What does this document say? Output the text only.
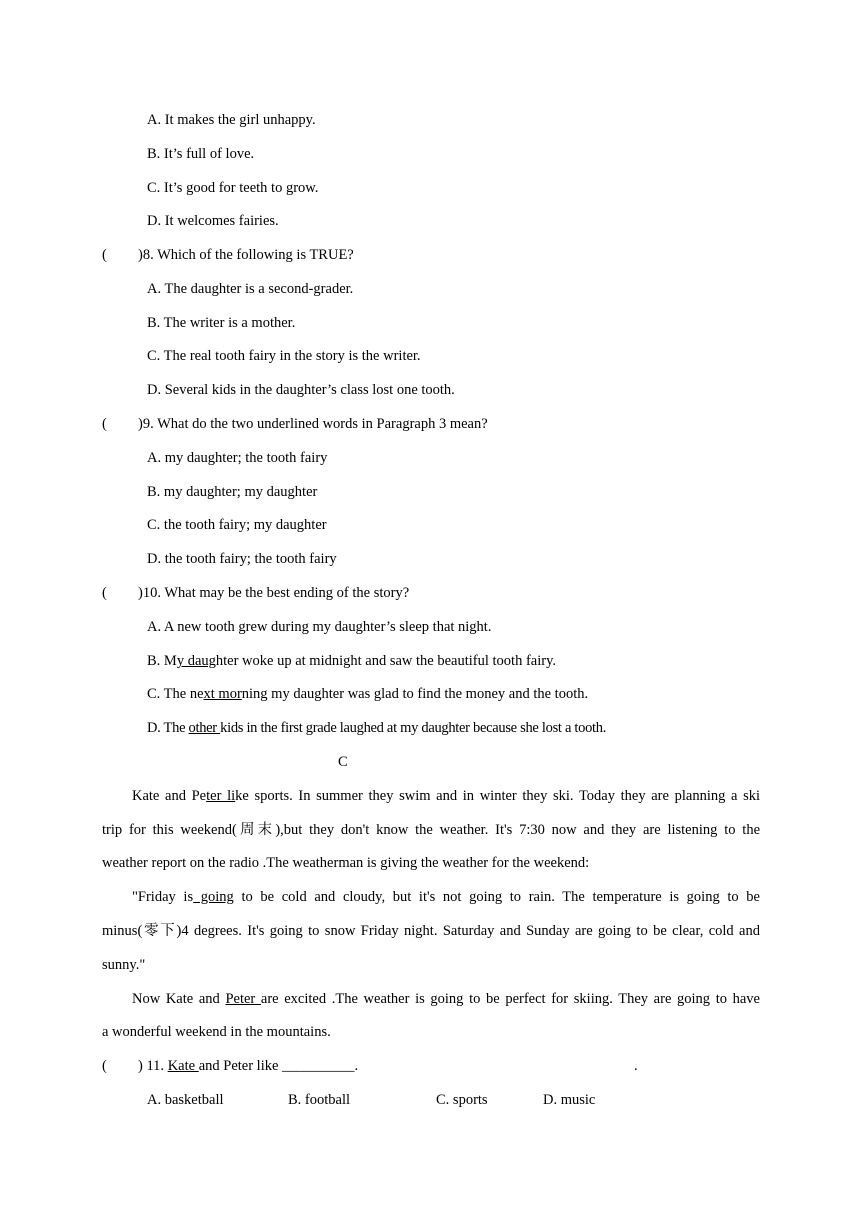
A. It makes the girl unhappy.
B. It’s full of love.
C. It’s good for teeth to grow.
D. It welcomes fairies.
( )8. Which of the following is TRUE?
A. The daughter is a second-grader.
B. The writer is a mother.
C. The real tooth fairy in the story is the writer.
D. Several kids in the daughter’s class lost one tooth.
( )9. What do the two underlined words in Paragraph 3 mean?
A. my daughter; the tooth fairy
B. my daughter; my daughter
C. the tooth fairy; my daughter
D. the tooth fairy; the tooth fairy
( )10. What may be the best ending of the story?
A. A new tooth grew during my daughter’s sleep that night.
B. My daughter woke up at midnight and saw the beautiful tooth fairy.
C. The next morning my daughter was glad to find the money and the tooth.
D. The other kids in the first grade laughed at my daughter because she lost a tooth.
C
Kate and Peter like sports. In summer they swim and in winter they ski. Today they are planning a ski
trip for this weekend(周末),but they don't know the weather. It's 7:30 now and they are listening to the
weather report on the radio .The weatherman is giving the weather for the weekend:
"Friday is going to be cold and cloudy, but it's not going to rain. The temperature is going to be
minus(零下)4 degrees. It's going to snow Friday night. Saturday and Sunday are going to be clear, cold and
sunny."
Now Kate and Peter are excited .The weather is going to be perfect for skiing. They are going to have
a wonderful weekend in the mountains.
( ) 11. Kate and Peter like __________.	.
A. basketball	B. football	C. sports	D. music
